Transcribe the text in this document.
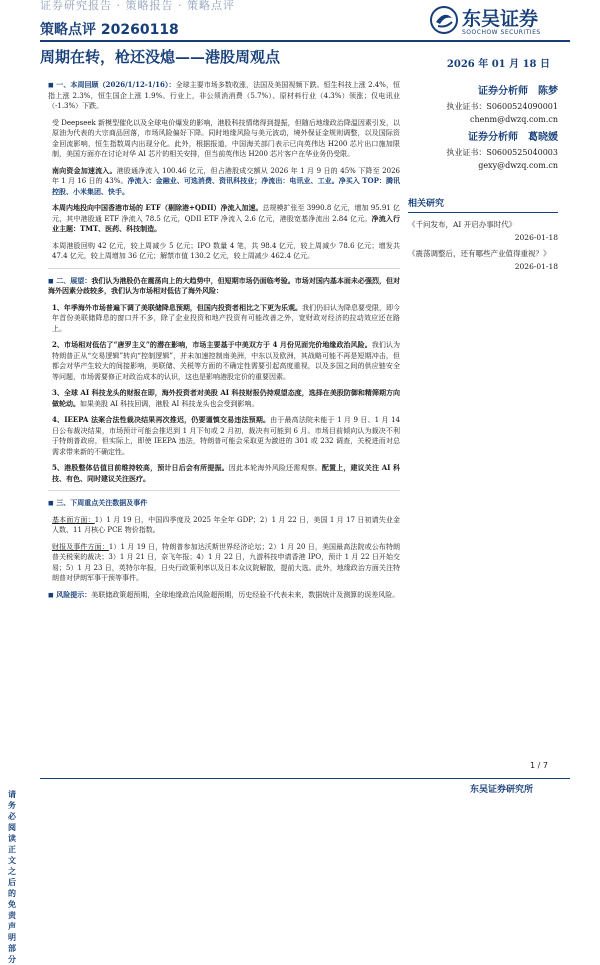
证券研究报告 · 策略报告 · 策略点评
策略点评 20260118	东吴证券
SOOCHOW SECURITIES
周期在转，枪还没熄——港股周观点	2026 年 01 月 18 日

◼ 一、本周回顾（2026/1/12-1/16）：全球主要市场多数收涨，法国及美国视频下跌。恒生科技上涨 2.4%，恒指上涨 2.3%，恒生国企上涨 1.9%。行业上，非公须消消费（5.7%）、原材料行业（4.3%）领涨；仅电讯业（-1.3%）下跌。

受 Deepseek 新模型催化以及全球电价爆发的影响，港股科技情绪得到提振，但随后地缘政治降温因素引发，以原油为代表的大宗商品回落，市场风险偏好下降。同时地缘风险与美元波动，境外保证金规则调整，以及国际资金回流影响，恒生指数周内出现分化。此外，根据报道，中国海关部门表示已向英伟达 H200 芯片出口施加限制，美国方面亦在讨论对华 AI 芯片的相关安排，但当前英伟达 H200 芯片客户在华业务仍受限。

南向资金加速流入。港股通净流入 100.46 亿元，但占港股成交额从 2026 年 1 月 9 日的 45% 下降至 2026 年 1 月 16 日的 43%。净流入：金融业、可选消费、资讯科技业；净流出：电讯业、工业。净买入 TOP：腾讯控股、小米集团、快手。

本周内地投向中国香港市场的 ETF（剔除港+QDII）净流入加速。总规模扩张至 3990.8 亿元，增加 95.91 亿元，其中港股通 ETF 净流入 78.5 亿元，QDII ETF 净流入 2.6 亿元，港股宽基净流出 2.84 亿元。净流入行业主题：TMT、医药、科技制造。

本周港股回购 42 亿元，较上周减少 5 亿元；IPO 数量 4 笔，共 98.4 亿元，较上周减少 78.6 亿元；增发共 47.4 亿元，较上周增加 36 亿元；解禁市值 130.2 亿元，较上周减少 462.4 亿元。

◼ 二、展望：我们认为港股仍在震荡向上的大趋势中，但短期市场仍面临考验。市场对国内基本面未必强烈，但对海外因素分歧较多，我们认为市场相对低估了海外风险：

1、年季海外市场普遍下调了美联储降息预期，但国内投资者相比之下更为乐观。我们仍旧认为降息要受限，即今年首份美联储降息的窗口并不多，除了企业投资和地产投资有可能改善之外，宽财政对经济的拉动效应还在路上。

2、市场相对低估了“唐罗主义”的潜在影响，市场主要基于中美双方于 4 月份见面完价地缘政治风险。我们认为特朗普正从“交易逻辑”转向“控制逻辑”，并未加速控制南美洲，中东以及欧洲，其战略可能不再是短期冲击，但都会对华产生较大的间接影响，美联储、关税等方面的不确定性需要引起高度重视，以及多国之间的供应链安全等问题，市场需要修正对政治成本的认识，这也是影响港股定价的重要因素。

3、全球 AI 科技龙头的财报在即，海外投资者对美股 AI 科技财报仍持观望态度，选择在美股防御和精筛期方向做轮动。如果美股 AI 科技回调，港股 AI 科技龙头也会受到影响。

4、IEEPA 法案合法性裁决结果再次推迟，仍要谨慎交易违法预期。由于最高法院未能于 1 月 9 日、1 月 14 日公布裁决结果，市场预计可能会推迟到 1 月下旬或 2 月初，裁决有可能到 6 月。市场目前倾向认为裁决不利于特朗普政府，但实际上，即使 IEEPA 违法，特朗普可能会采取更为激进的 301 或 232 调查，关税进而对总需求带来新的不确定性。

5、港股整体估值目前维持较高，预计日后会有所提振。因此本轮海外风险还需观察。配置上，建议关注 AI 科技、有色、同时建议关注医疗。

◼ 三、下周重点关注数据及事件

基本面方面：1）1 月 19 日，中国四季度及 2025 年全年 GDP；2）1 月 22 日，美国 1 月 17 日初请失业金人数、11 月核心 PCE 物价指数。

财报及事件方面：1）1 月 19 日，特朗普参加达沃斯世界经济论坛；2）1 月 20 日，美国最高法院或公布特朗普关税案的裁决；3）1 月 21 日，奈飞年报；4）1 月 22 日，九游科技申请香港 IPO，预计 1 月 22 日开始交易；5）1 月 23 日，英特尔年报，日央行政策利率以及日本众议院解散，提前大选。此外，地缘政治方面关注特朗普对伊朗军事干预等事件。

◼ 风险提示：美联储政策超预期，全球地缘政治风险超预期，历史经验不代表未来，数据统计及测算的误差风险。

证券分析师　陈梦
执业证书：S0600524090001
chenm@dwzq.com.cn
证券分析师　葛晓媛
执业证书：S0600525040003
gexy@dwzq.com.cn
相关研究
《千问发布，AI 开启办事时代》
2026-01-18
《震荡调整后，还有哪些产业值得重视？》
2026-01-18
1 / 7
东吴证券研究所
请务必阅读正文之后的免责声明部分
